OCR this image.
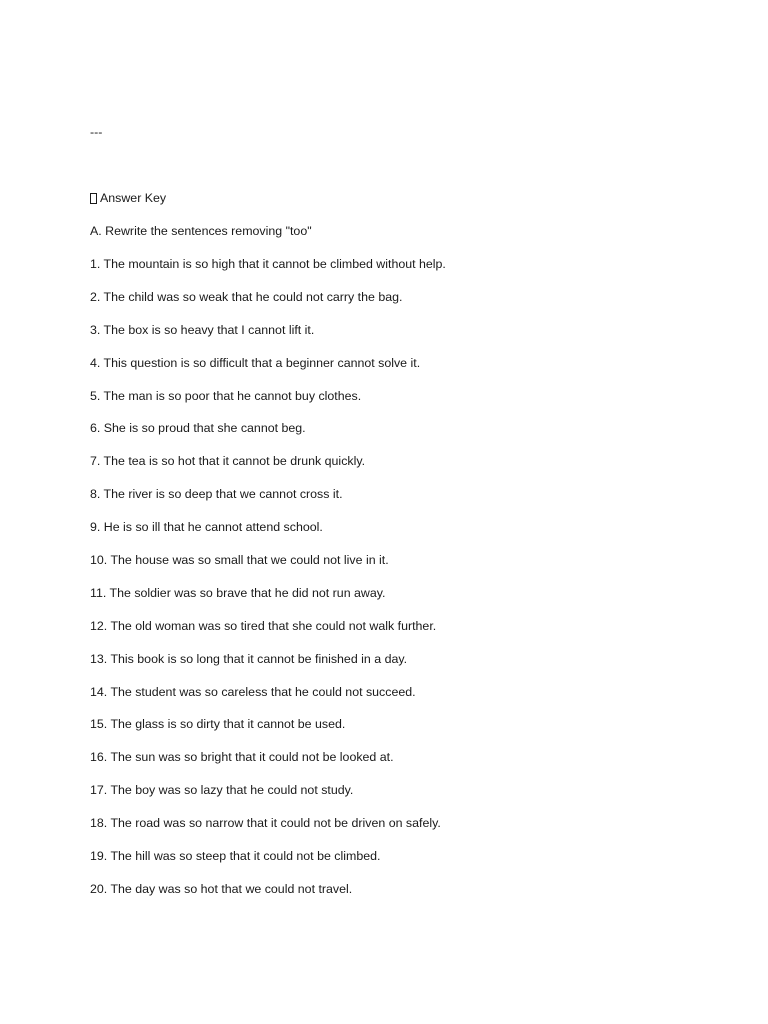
---

Answer Key

A. Rewrite the sentences removing "too"

1. The mountain is so high that it cannot be climbed without help.
2. The child was so weak that he could not carry the bag.
3. The box is so heavy that I cannot lift it.
4. This question is so difficult that a beginner cannot solve it.
5. The man is so poor that he cannot buy clothes.
6. She is so proud that she cannot beg.
7. The tea is so hot that it cannot be drunk quickly.
8. The river is so deep that we cannot cross it.
9. He is so ill that he cannot attend school.
10. The house was so small that we could not live in it.
11. The soldier was so brave that he did not run away.
12. The old woman was so tired that she could not walk further.
13. This book is so long that it cannot be finished in a day.
14. The student was so careless that he could not succeed.
15. The glass is so dirty that it cannot be used.
16. The sun was so bright that it could not be looked at.
17. The boy was so lazy that he could not study.
18. The road was so narrow that it could not be driven on safely.
19. The hill was so steep that it could not be climbed.
20. The day was so hot that we could not travel.
